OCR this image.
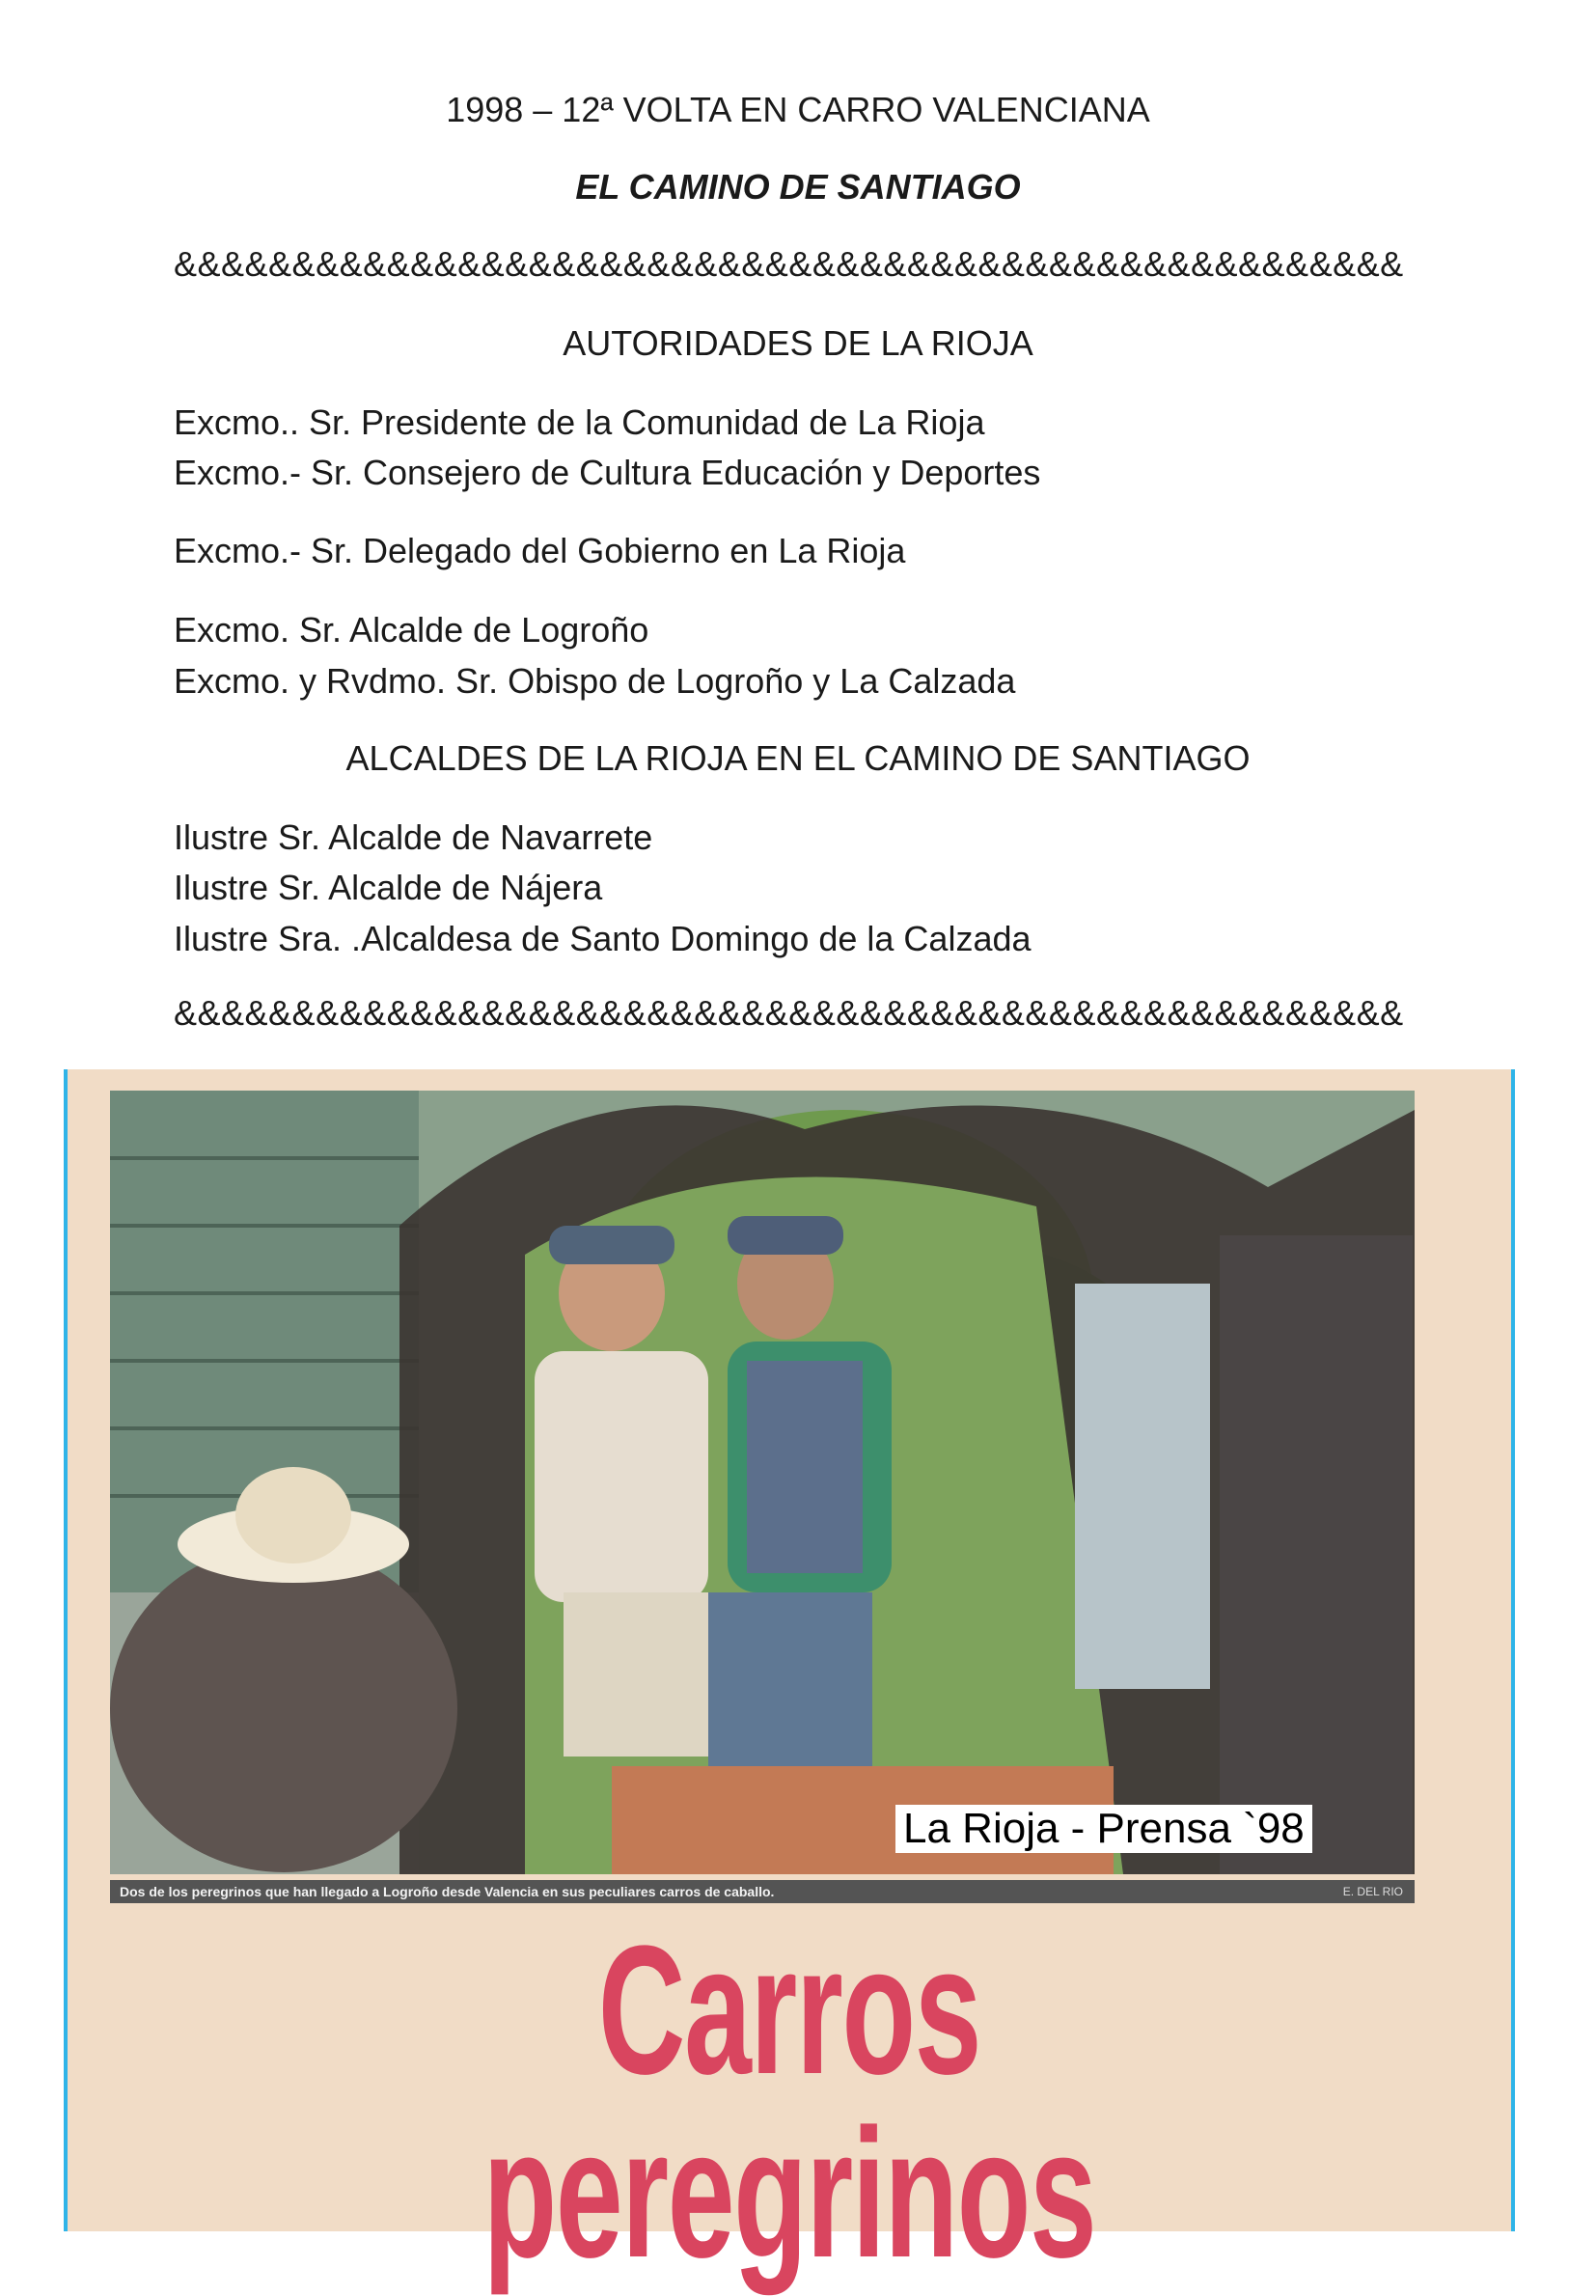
1998 – 12ª VOLTA EN CARRO VALENCIANA
EL CAMINO DE SANTIAGO
&&&&&&&&&&&&&&&&&&&&&&&&&&&&&&&&&&&&&&&&&&&&&&&&&&&&
AUTORIDADES DE LA RIOJA
Excmo.. Sr. Presidente de la Comunidad de La Rioja
Excmo.- Sr. Consejero de Cultura Educación y Deportes
Excmo.- Sr. Delegado del Gobierno en La Rioja
Excmo. Sr. Alcalde de Logroño
Excmo. y Rvdmo. Sr. Obispo de Logroño y La Calzada
ALCALDES DE LA RIOJA EN EL CAMINO DE SANTIAGO
Ilustre Sr. Alcalde de Navarrete
Ilustre Sr. Alcalde de Nájera
Ilustre Sra. .Alcaldesa de Santo Domingo de la Calzada
&&&&&&&&&&&&&&&&&&&&&&&&&&&&&&&&&&&&&&&&&&&&&&&&&&&&
La Rioja - Prensa `98
Dos de los peregrinos que han llegado a Logroño desde Valencia en sus peculiares carros de caballo.	E. DEL RIO
Carros peregrinos
